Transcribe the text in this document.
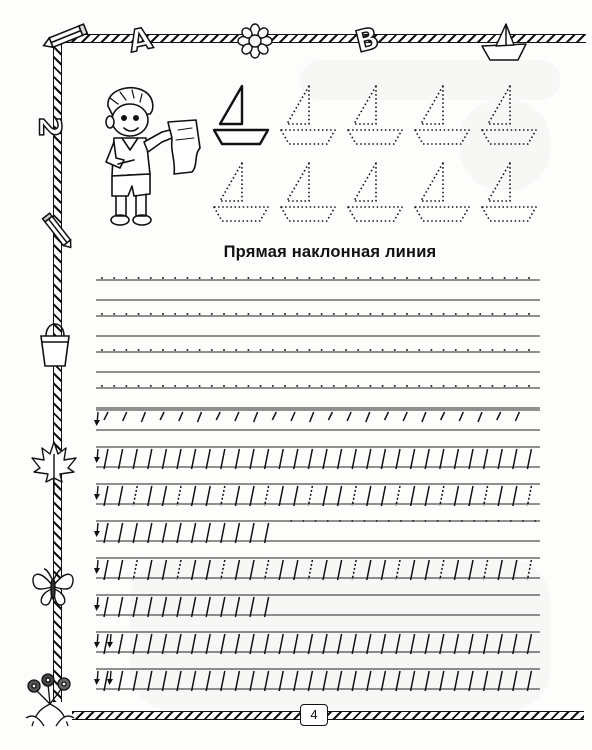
A	B
2
Прямая наклонная линия
4
